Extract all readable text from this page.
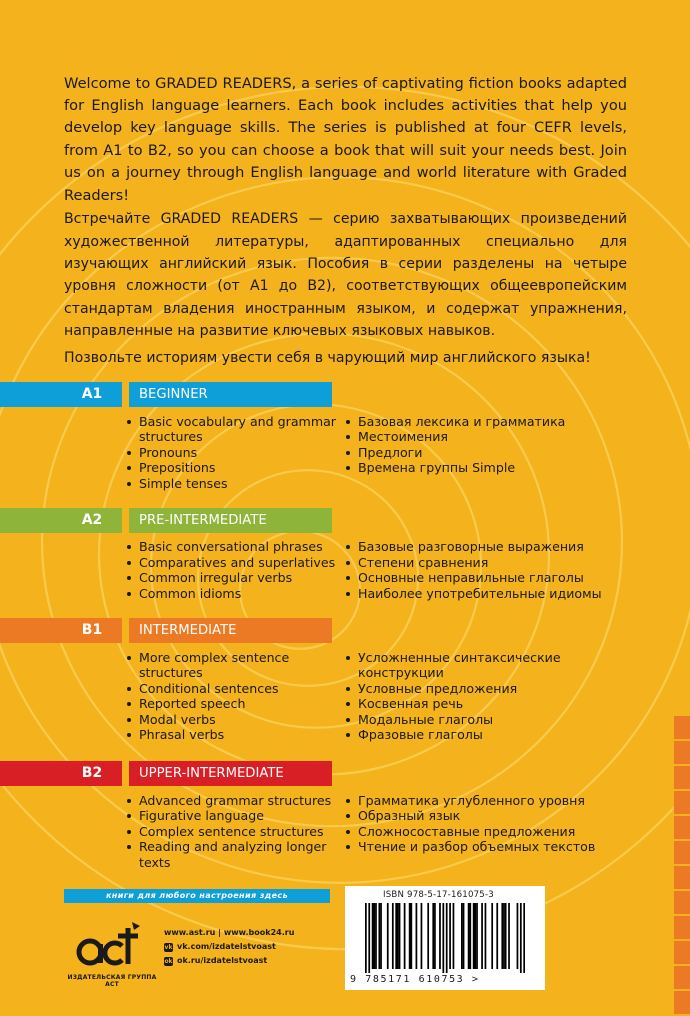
Welcome to GRADED READERS, a series of captivating fiction books adapted for English language learners. Each book includes activities that help you develop key language skills. The series is published at four CEFR levels, from A1 to B2, so you can choose a book that will suit your needs best. Join us on a journey through English language and world literature with Graded Readers!

Встречайте GRADED READERS — серию захватывающих произведений художественной литературы, адаптированных специально для изучающих английский язык. Пособия в серии разделены на четыре уровня сложности (от A1 до B2), соответствующих общеевропейским стандартам владения иностранным языком, и содержат упражнения, направленные на развитие ключевых языковых навыков.

Позвольте историям увести себя в чарующий мир английского языка!

A1	BEGINNER
Basic vocabulary and grammar structures
Pronouns
Prepositions
Simple tenses
Базовая лексика и грамматика
Местоимения
Предлоги
Времена группы Simple
A2	PRE-INTERMEDIATE
Basic conversational phrases
Comparatives and superlatives
Common irregular verbs
Common idioms
Базовые разговорные выражения
Степени сравнения
Основные неправильные глаголы
Наиболее употребительные идиомы
B1	INTERMEDIATE
More complex sentence structures
Conditional sentences
Reported speech
Modal verbs
Phrasal verbs
Усложненные синтаксические конструкции
Условные предложения
Косвенная речь
Модальные глаголы
Фразовые глаголы
B2	UPPER-INTERMEDIATE
Advanced grammar structures
Figurative language
Complex sentence structures
Reading and analyzing longer texts
Грамматика углубленного уровня
Образный язык
Сложносоставные предложения
Чтение и разбор объемных текстов
книги для любого настроения здесь
аст
ИЗДАТЕЛЬСКАЯ ГРУППА АСТ
www.ast.ru | www.book24.ru
vk vk.com/izdatelstvoast
ok ok.ru/izdatelstvoast
ISBN 978-5-17-161075-3
9 785171 610753 >
